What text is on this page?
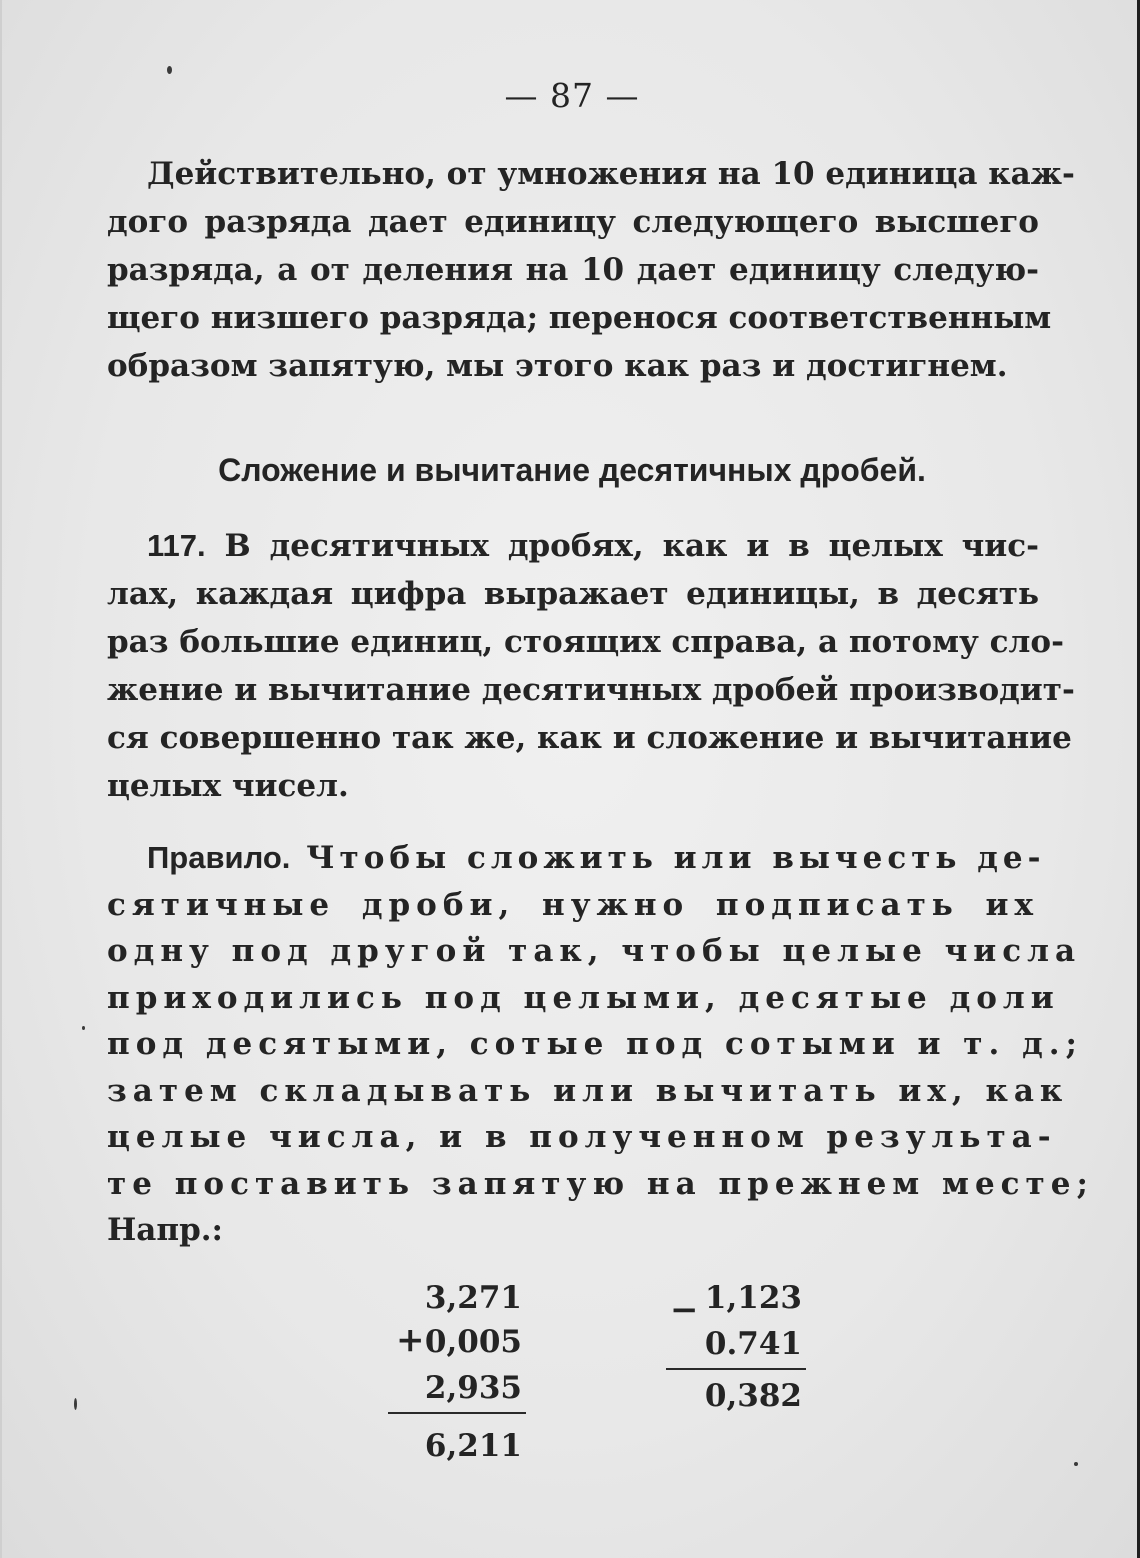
— 87 —
Действительно, от умножения на 10 единица каж-
дого разряда дает единицу следующего высшего
разряда, а от деления на 10 дает единицу следую-
щего низшего разряда; перенося соответственным
образом запятую, мы этого как раз и достигнем.
Сложение и вычитание десятичных дробей.
117. В десятичных дробях, как и в целых чис-
лах, каждая цифра выражает единицы, в десять
раз большие единиц, стоящих справа, а потому сло-
жение и вычитание десятичных дробей производит-
ся совершенно так же, как и сложение и вычитание
целых чисел.
Правило. Чтобы сложить или вычесть де-
сятичные дроби, нужно подписать их
одну под другой так, чтобы целые числа
приходились под целыми, десятые доли
под десятыми, сотые под сотыми и т. д.;
затем складывать или вычитать их, как
целые числа, и в полученном результа-
те поставить запятую на прежнем месте;
Напр.:
3,271
+ 0,005
2,935
6,211
1,123
−
0.741
0,382
